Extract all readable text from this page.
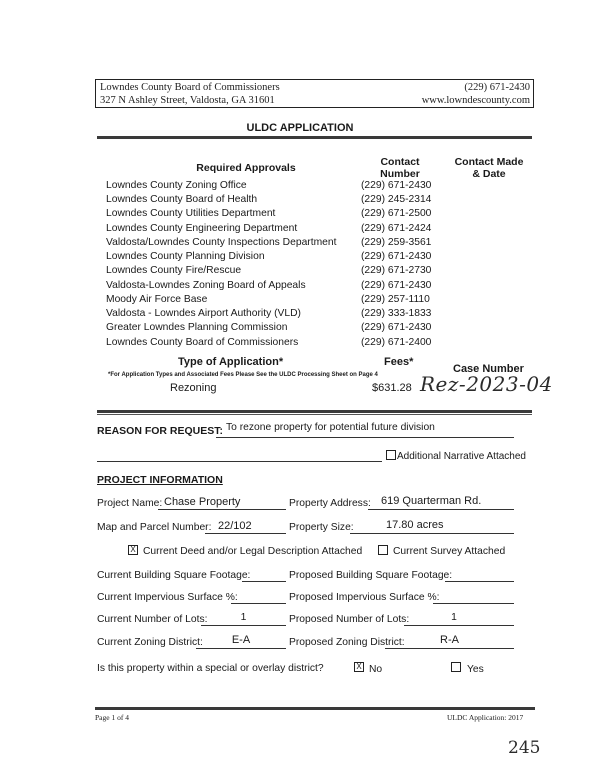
Lowndes County Board of Commissioners
327 N Ashley Street, Valdosta, GA 31601
(229) 671-2430
www.lowndescounty.com
ULDC APPLICATION
Required Approvals	Contact
Number
Contact Made
& Date
Lowndes County Zoning Office	(229) 671-2430
Lowndes County Board of Health	(229) 245-2314
Lowndes County Utilities Department	(229) 671-2500
Lowndes County Engineering Department	(229) 671-2424
Valdosta/Lowndes County Inspections Department (229) 259-3561
Lowndes County Planning Division	(229) 671-2430
Lowndes County Fire/Rescue	(229) 671-2730
Valdosta-Lowndes Zoning Board of Appeals	(229) 671-2430
Moody Air Force Base	(229) 257-1110
Valdosta - Lowndes Airport Authority (VLD)	(229) 333-1833
Greater Lowndes Planning Commission	(229) 671-2430
Lowndes County Board of Commissioners	(229) 671-2400
Type of Application*	Fees*
Case Number
*For Application Types and Associated Fees Please See the ULDC Processing Sheet on Page 4
Rezoning	$631.28 Rez-2023-04
REASON FOR REQUEST: To rezone property for potential future division
Additional Narrative Attached
PROJECT INFORMATION
Project Name: Chase Property	Property Address: 619 Quarterman Rd.
Map and Parcel Number: 22/102	Property Size:	17.80 acres
X Current Deed and/or Legal Description Attached	Current Survey Attached
Current Building Square Footage:	Proposed Building Square Footage:
Current Impervious Surface %:	Proposed Impervious Surface %:
Current Number of Lots:	1	Proposed Number of Lots:	1
Current Zoning District:	E-A	Proposed Zoning District:	R-A
Is this property within a special or overlay district?	X No	Yes
Page 1 of 4	ULDC Application: 2017
245
